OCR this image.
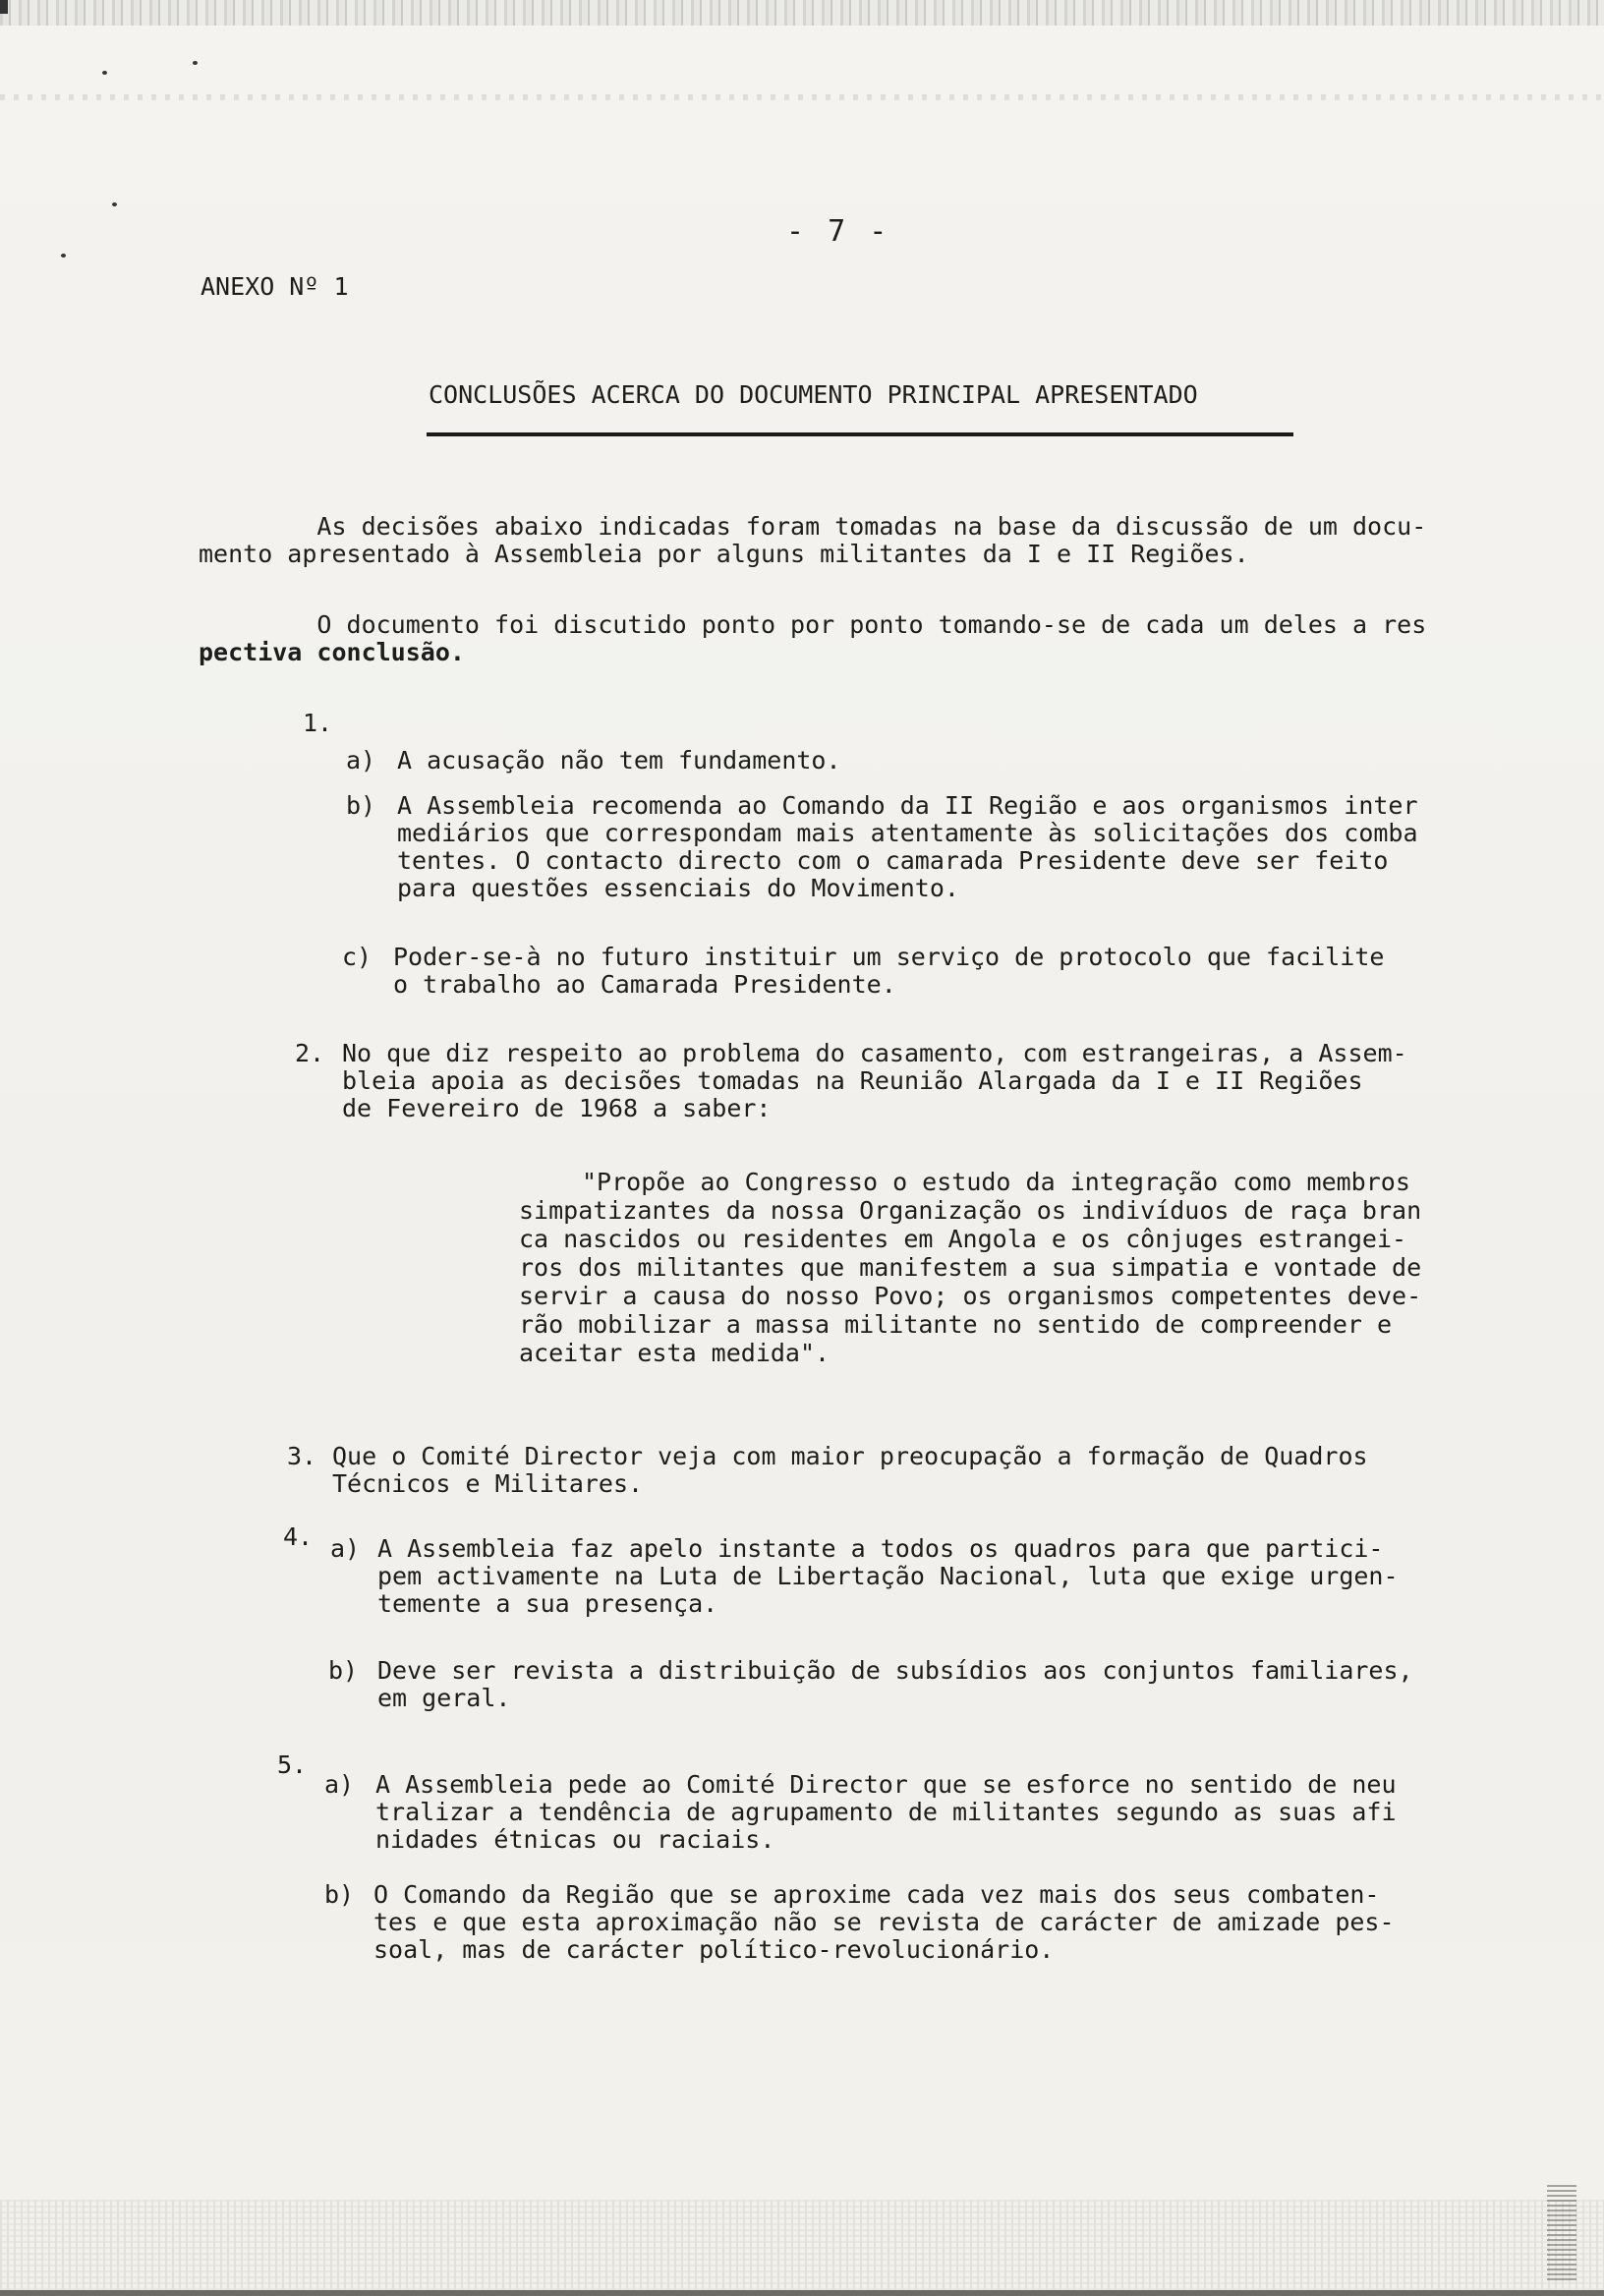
- 7 -
ANEXO Nº 1
CONCLUSÕES ACERCA DO DOCUMENTO PRINCIPAL APRESENTADO
As decisões abaixo indicadas foram tomadas na base da discussão de um docu-
mento apresentado à Assembleia por alguns militantes da I e II Regiões.
O documento foi discutido ponto por ponto tomando-se de cada um deles a res
pectiva conclusão.
1.
a) A acusação não tem fundamento.
b) A Assembleia recomenda ao Comando da II Região e aos organismos inter
mediários que correspondam mais atentamente às solicitações dos comba
tentes. O contacto directo com o camarada Presidente deve ser feito
para questões essenciais do Movimento.
c) Poder-se-à no futuro instituir um serviço de protocolo que facilite
o trabalho ao Camarada Presidente.
2. No que diz respeito ao problema do casamento, com estrangeiras, a Assem-
bleia apoia as decisões tomadas na Reunião Alargada da I e II Regiões
de Fevereiro de 1968 a saber:
"Propõe ao Congresso o estudo da integração como membros
simpatizantes da nossa Organização os indivíduos de raça bran
ca nascidos ou residentes em Angola e os cônjuges estrangei-
ros dos militantes que manifestem a sua simpatia e vontade de
servir a causa do nosso Povo; os organismos competentes deve-
rão mobilizar a massa militante no sentido de compreender e
aceitar esta medida".
3. Que o Comité Director veja com maior preocupação a formação de Quadros
Técnicos e Militares.
4. a) A Assembleia faz apelo instante a todos os quadros para que partici-
pem activamente na Luta de Libertação Nacional, luta que exige urgen-
temente a sua presença.
b) Deve ser revista a distribuição de subsídios aos conjuntos familiares,
em geral.
5.
a) A Assembleia pede ao Comité Director que se esforce no sentido de neu
tralizar a tendência de agrupamento de militantes segundo as suas afi
nidades étnicas ou raciais.
b) O Comando da Região que se aproxime cada vez mais dos seus combaten-
tes e que esta aproximação não se revista de carácter de amizade pes-
soal, mas de carácter político-revolucionário.
